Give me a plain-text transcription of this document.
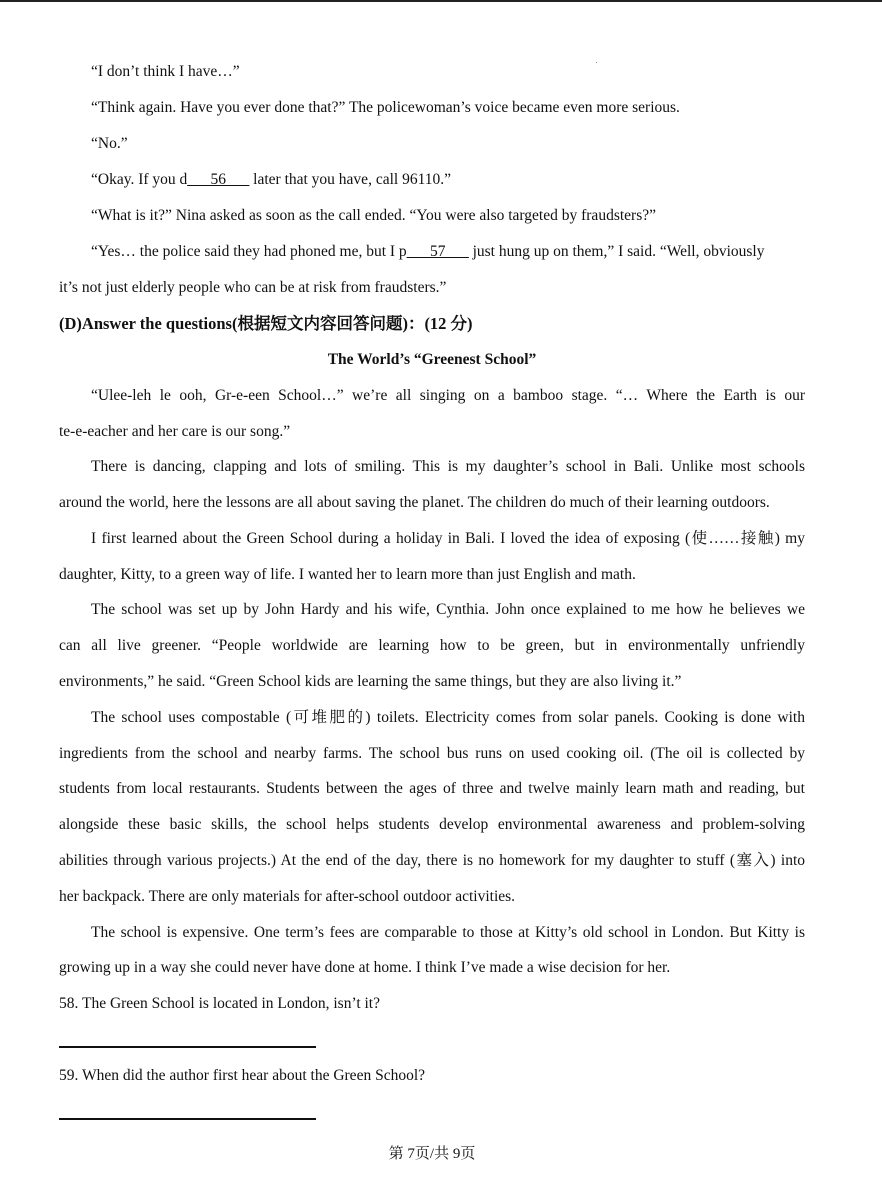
“I don’t think I have…”
“Think again. Have you ever done that?” The policewoman’s voice became even more serious.
“No.”
“Okay. If you d___56___ later that you have, call 96110.”
“What is it?” Nina asked as soon as the call ended. “You were also targeted by fraudsters?”
“Yes… the police said they had phoned me, but I p___57___ just hung up on them,” I said. “Well, obviously
it’s not just elderly people who can be at risk from fraudsters.”
(D)Answer the questions(根据短文内容回答问题)：(12 分)
The World’s “Greenest School”
“Ulee-leh le ooh, Gr-e-een School…” we’re all singing on a bamboo stage. “… Where the Earth is our
te-e-eacher and her care is our song.”
There is dancing, clapping and lots of smiling. This is my daughter’s school in Bali. Unlike most schools
around the world, here the lessons are all about saving the planet. The children do much of their learning outdoors.
I first learned about the Green School during a holiday in Bali. I loved the idea of exposing (使……接触) my
daughter, Kitty, to a green way of life. I wanted her to learn more than just English and math.
The school was set up by John Hardy and his wife, Cynthia. John once explained to me how he believes we
can all live greener. “People worldwide are learning how to be green, but in environmentally unfriendly
environments,” he said. “Green School kids are learning the same things, but they are also living it.”
The school uses compostable (可堆肥的) toilets. Electricity comes from solar panels. Cooking is done with
ingredients from the school and nearby farms. The school bus runs on used cooking oil. (The oil is collected by
students from local restaurants. Students between the ages of three and twelve mainly learn math and reading, but
alongside these basic skills, the school helps students develop environmental awareness and problem-solving
abilities through various projects.) At the end of the day, there is no homework for my daughter to stuff (塞入) into
her backpack. There are only materials for after-school outdoor activities.
The school is expensive. One term’s fees are comparable to those at Kitty’s old school in London. But Kitty is
growing up in a way she could never have done at home. I think I’ve made a wise decision for her.
58. The Green School is located in London, isn’t it?
59. When did the author first hear about the Green School?
第 7页/共 9页
